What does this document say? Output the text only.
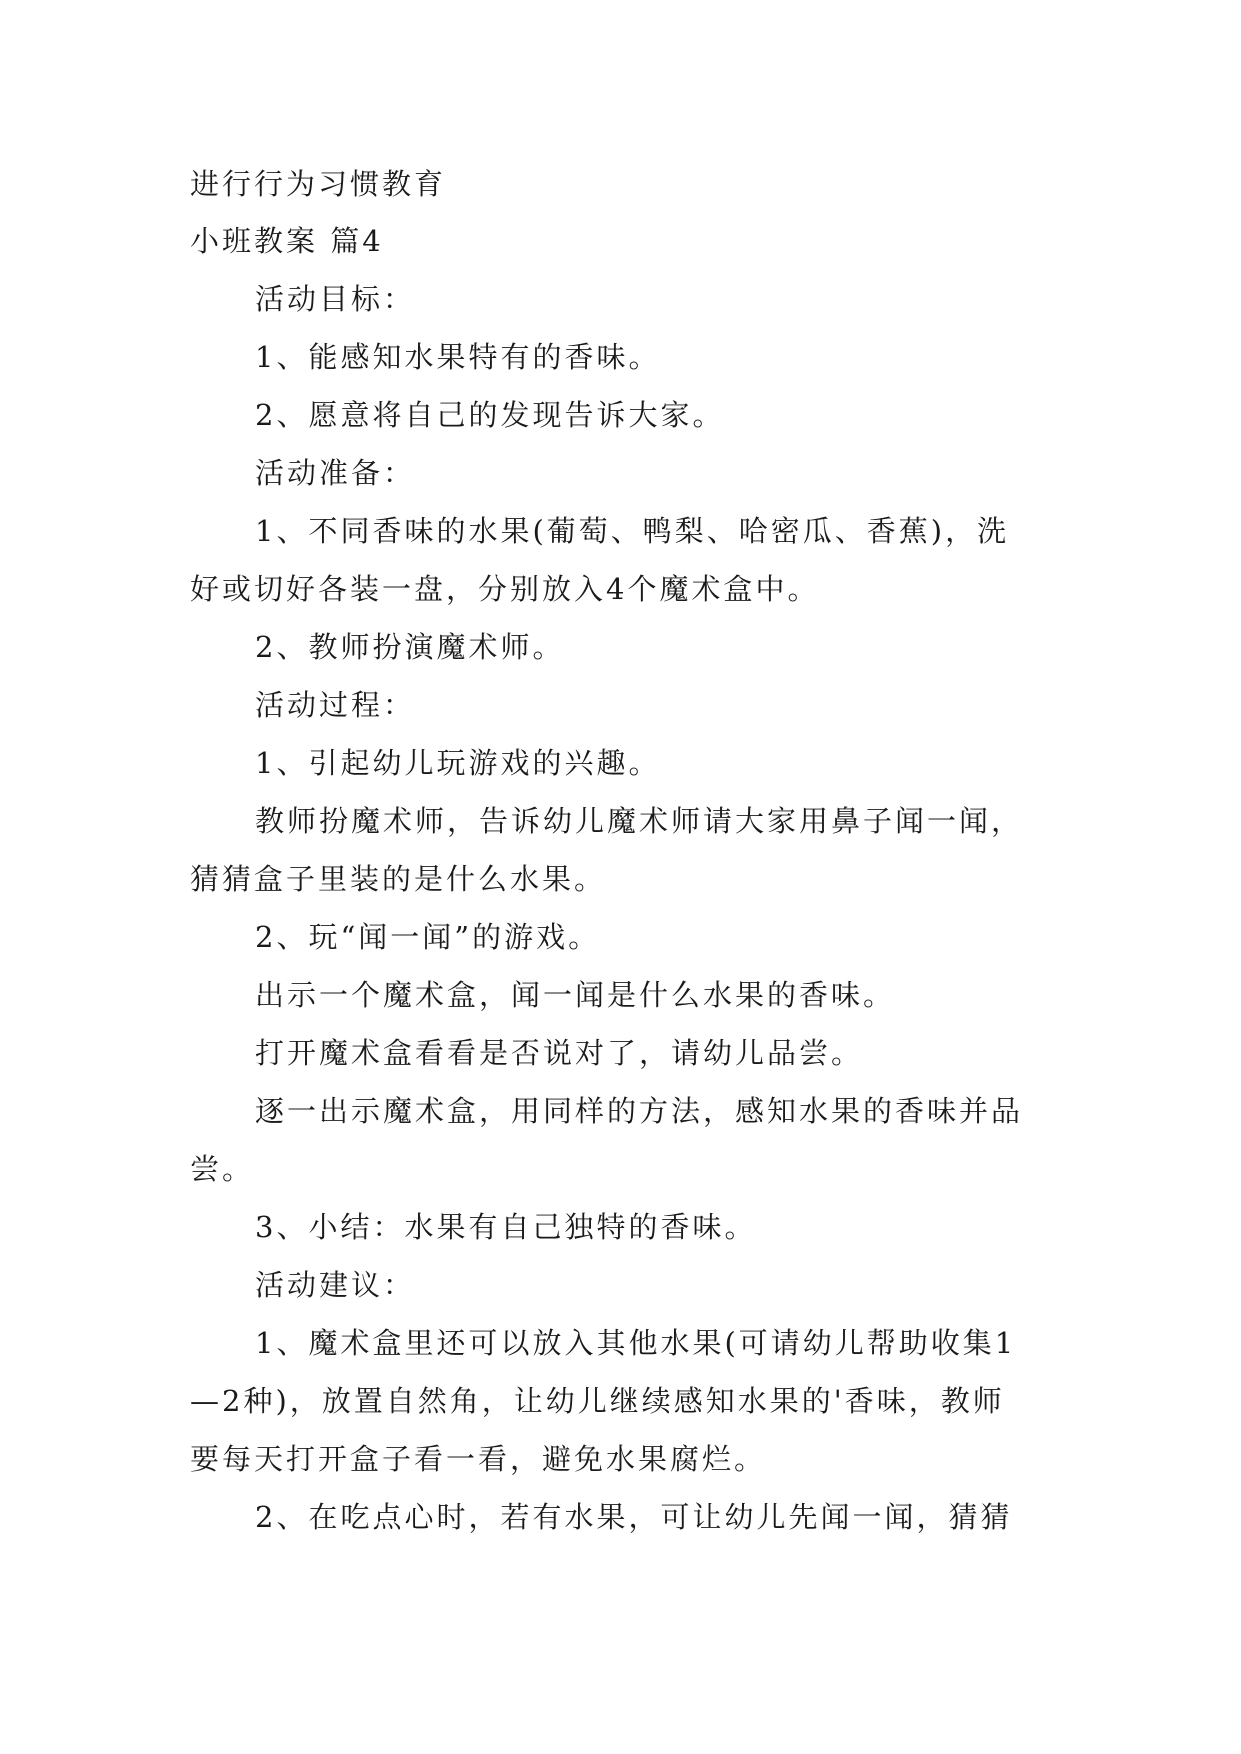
进行行为习惯教育

小班教案 篇4

活动目标：

1、能感知水果特有的香味。

2、愿意将自己的发现告诉大家。

活动准备：

1、不同香味的水果(葡萄、鸭梨、哈密瓜、香蕉)，洗

好或切好各装一盘，分别放入4个魔术盒中。

2、教师扮演魔术师。

活动过程：

1、引起幼儿玩游戏的兴趣。

教师扮魔术师，告诉幼儿魔术师请大家用鼻子闻一闻，

猜猜盒子里装的是什么水果。

2、玩“闻一闻”的游戏。

出示一个魔术盒，闻一闻是什么水果的香味。

打开魔术盒看看是否说对了，请幼儿品尝。

逐一出示魔术盒，用同样的方法，感知水果的香味并品

尝。

3、小结：水果有自己独特的香味。

活动建议：

1、魔术盒里还可以放入其他水果(可请幼儿帮助收集1

—2种)，放置自然角，让幼儿继续感知水果的'香味，教师

要每天打开盒子看一看，避免水果腐烂。

2、在吃点心时，若有水果，可让幼儿先闻一闻，猜猜
